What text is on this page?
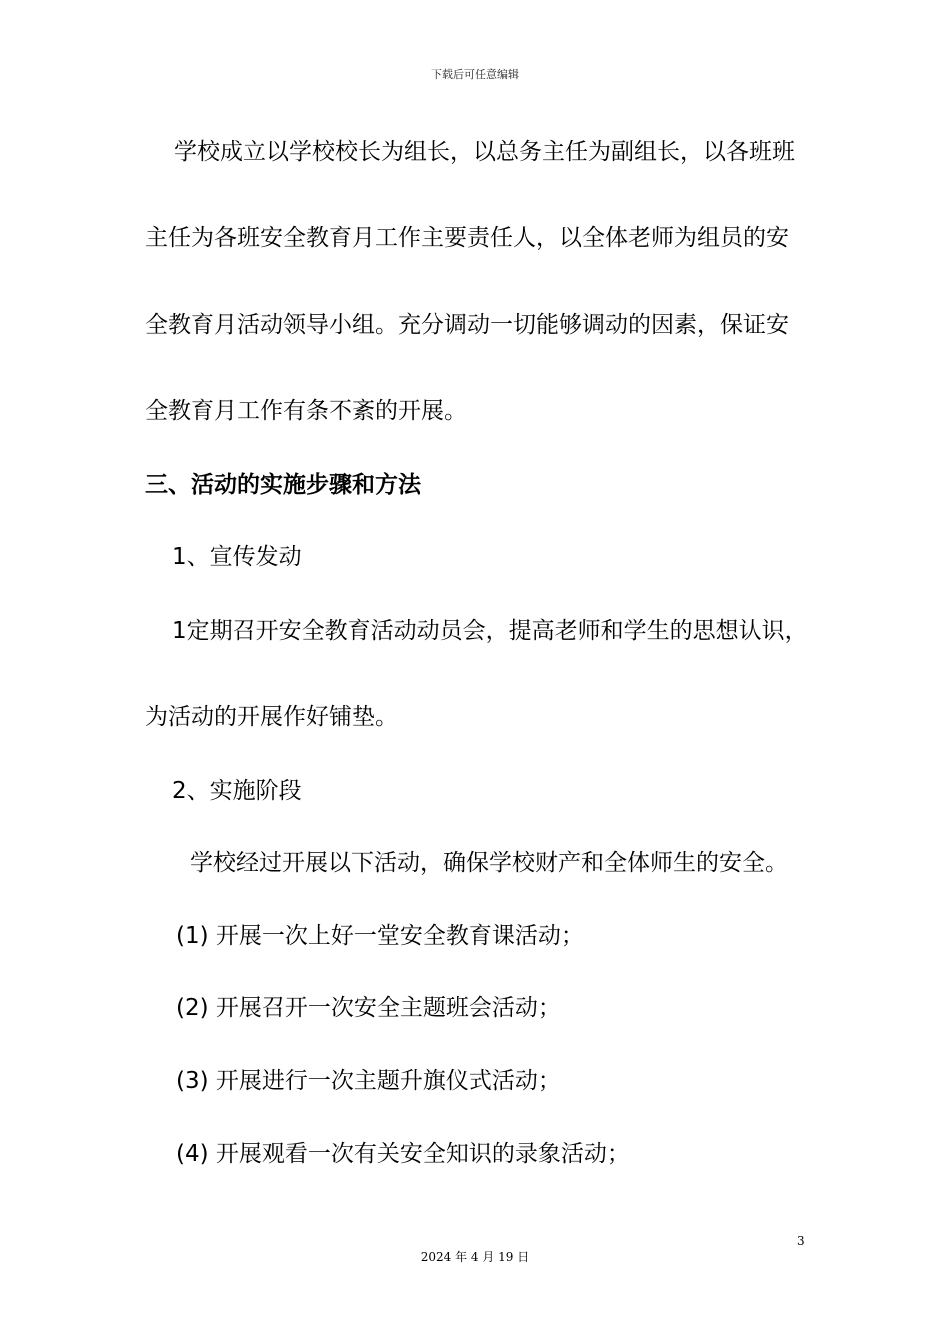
下载后可任意编辑
学校成立以学校校长为组长，以总务主任为副组长，以各班班
主任为各班安全教育月工作主要责任人，以全体老师为组员的安
全教育月活动领导小组。充分调动一切能够调动的因素，保证安
全教育月工作有条不紊的开展。
三、活动的实施步骤和方法
1、宣传发动
1定期召开安全教育活动动员会，提高老师和学生的思想认识，
为活动的开展作好铺垫。
2、实施阶段
学校经过开展以下活动，确保学校财产和全体师生的安全。
(1) 开展一次上好一堂安全教育课活动；
(2) 开展召开一次安全主题班会活动；
(3) 开展进行一次主题升旗仪式活动；
(4) 开展观看一次有关安全知识的录象活动；
3
2024 年 4 月 19 日
